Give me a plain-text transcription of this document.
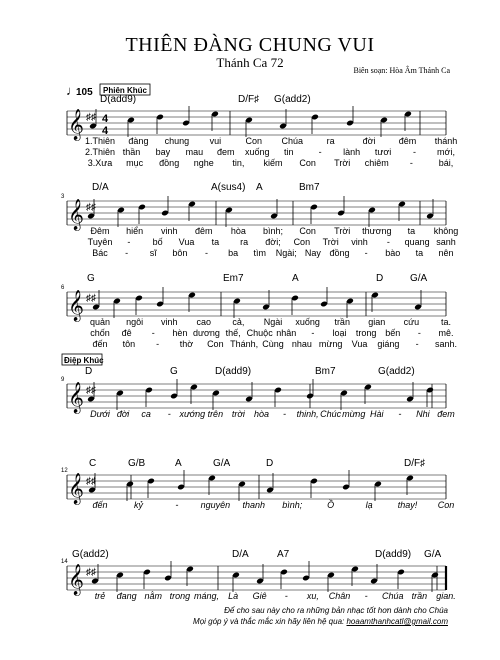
THIÊN ĐÀNG CHUNG VUI
Thánh Ca 72
Biên soạn: Hòa Âm Thánh Ca
♩
105 Phiên Khúc
Điệp Khúc
𝄞 ♯♯ 4
4
D(add9)	D/F♯ G(add2)
1.Thiên đàng chung vui	Con Chúa	ra	đời	đêm thánh
2.Thiên thần bay mau đem xuống tin	- lành tươi - mới,
3.Xưa mục đồng nghe tin, kiếm Con Trời chiêm -	bái,
𝄞 ♯♯
3
D/A	A(sus4) A	Bm7
Đêm hiển vinh đêm hòa bình; Con Trời thương ta không
Tuyên - bố Vua ta ra đời; Con Trời vinh - quang sanh
Bác - sĩ bôn - ba tìm Ngài; Nay đồng - bào ta nên
𝄞 ♯♯
6
G	Em7	A	D	G/A
quản ngôi vinh cao cả, Ngài xuống trần gian cứu ta.
chốn đê - hèn dương thế, Chuộc nhân - loại trong bến - mê.
đến tôn - thờ Con Thánh, Cùng nhau mừng Vua giáng - sanh.
𝄞 ♯♯
9
D	G	D(add9)	Bm7	G(add2)
Dưới đời ca - xướng trên trời hòa - thinh, Chúc mừng Hài - Nhi đem
𝄞 ♯♯
12
C	G/B	A	G/A	D	D/F♯
đến	kỷ	- nguyên thanh bình;	Ồ	lạ	thay! Con
𝄞 ♯♯
14
G(add2)	D/A	A7	D(add9) G/A
trẻ đang nằm trong máng, Là Giê - xu, Chân - Chúa trần gian.
Để cho sau này cho ra những bản nhạc tốt hơn dành cho Chúa
Mọi góp ý và thắc mắc xin hãy liên hệ qua: hoaamthanhcatl@gmail.com
